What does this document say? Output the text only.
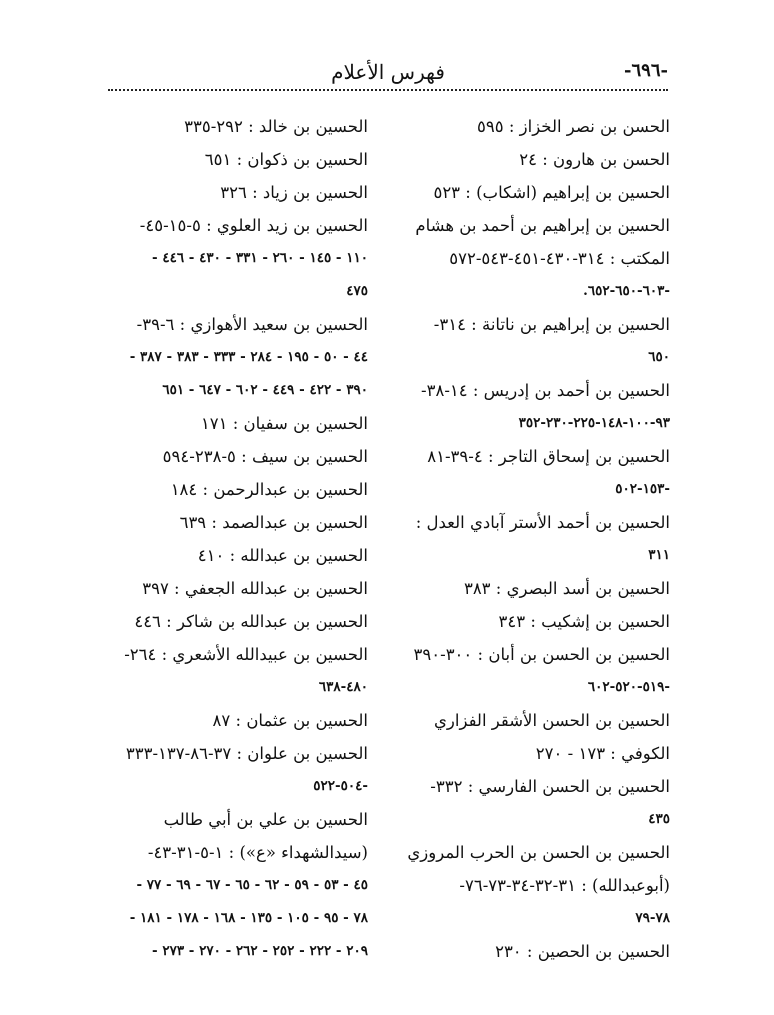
-٦٩٦-
فهرس الأعلام
الحسن بن نصر الخزاز : ٥٩٥
الحسن بن هارون : ٢٤
الحسين بن إبراهيم (اشكاب) : ٥٢٣
الحسين بن إبراهيم بن أحمد بن هشام
المكتب : ٣١٤-٤٣٠-٤٥١-٥٤٣-٥٧٢
-٦٠٣-٦٥٠-٦٥٢.
الحسين بن إبراهيم بن ناتانة : ٣١٤-
٦٥٠
الحسين بن أحمد بن إدريس : ١٤-٣٨-
٩٣-١٠٠-١٤٨-٢٢٥-٢٣٠-٣٥٢
الحسين بن إسحاق التاجر : ٤-٣٩-٨١
-١٥٣-٥٠٢
الحسين بن أحمد الأستر آبادي العدل :
٣١١
الحسين بن أسد البصري : ٣٨٣
الحسين بن إشكيب : ٣٤٣
الحسين بن الحسن بن أبان : ٣٠٠-٣٩٠
-٥١٩-٥٢٠-٦٠٢
الحسين بن الحسن الأشقر الفزاري
الكوفي : ١٧٣ - ٢٧٠
الحسين بن الحسن الفارسي : ٣٣٢-
٤٣٥
الحسين بن الحسن بن الحرب المروزي
(أبوعبدالله) : ٣١-٣٢-٣٤-٧٣-٧٦-
٧٨-٧٩
الحسين بن الحصين : ٢٣٠
الحسين بن خالد : ٢٩٢-٣٣٥
الحسين بن ذكوان : ٦٥١
الحسين بن زياد : ٣٢٦
الحسين بن زيد العلوي : ٥-١٥-٤٥-
١١٠ - ١٤٥ - ٢٦٠ - ٣٣١ - ٤٣٠ - ٤٤٦ -
٤٧٥
الحسين بن سعيد الأهوازي : ٦-٣٩-
٤٤ - ٥٠ - ١٩٥ - ٢٨٤ - ٣٣٣ - ٣٨٣ - ٣٨٧ -
٣٩٠ - ٤٢٢ - ٤٤٩ - ٦٠٢ - ٦٤٧ - ٦٥١
الحسين بن سفيان : ١٧١
الحسين بن سيف : ٥-٢٣٨-٥٩٤
الحسين بن عبدالرحمن : ١٨٤
الحسين بن عبدالصمد : ٦٣٩
الحسين بن عبدالله : ٤١٠
الحسين بن عبدالله الجعفي : ٣٩٧
الحسين بن عبدالله بن شاكر : ٤٤٦
الحسين بن عبيدالله الأشعري : ٢٦٤-
٤٨٠-٦٣٨
الحسين بن عثمان : ٨٧
الحسين بن علوان : ٣٧-٨٦-١٣٧-٣٣٣
-٥٠٤-٥٢٢
الحسين بن علي بن أبي طالب
(سيدالشهداء «ع») : ١-٥-٣١-٤٣-
٤٥ - ٥٣ - ٥٩ - ٦٢ - ٦٥ - ٦٧ - ٦٩ - ٧٧ -
٧٨ - ٩٥ - ١٠٥ - ١٣٥ - ١٦٨ - ١٧٨ - ١٨١ -
٢٠٩ - ٢٢٢ - ٢٥٢ - ٢٦٢ - ٢٧٠ - ٢٧٣ -
